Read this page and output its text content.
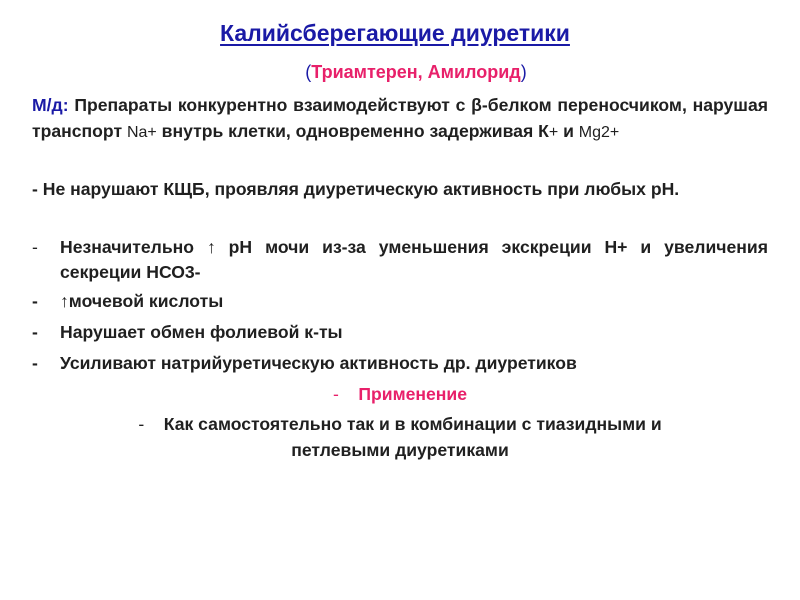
Калийсберегающие диуретики
(Триамтерен, Амилорид)
М/д: Препараты конкурентно взаимодействуют с β-белком переносчиком, нарушая транспорт Na+ внутрь клетки, одновременно задерживая К+ и Mg2+
- Не нарушают КЩБ, проявляя диуретическую активность при любых pH.
-	Незначительно ↑ рН мочи из-за уменьшения экскреции Н+ и увеличения секреции НСО3-
-	↑мочевой кислоты
-	Нарушает обмен фолиевой к-ты
-	Усиливают натрийуретическую активность др. диуретиков
- Применение
- Как самостоятельно так и в комбинации с тиазидными и
петлевыми диуретиками
